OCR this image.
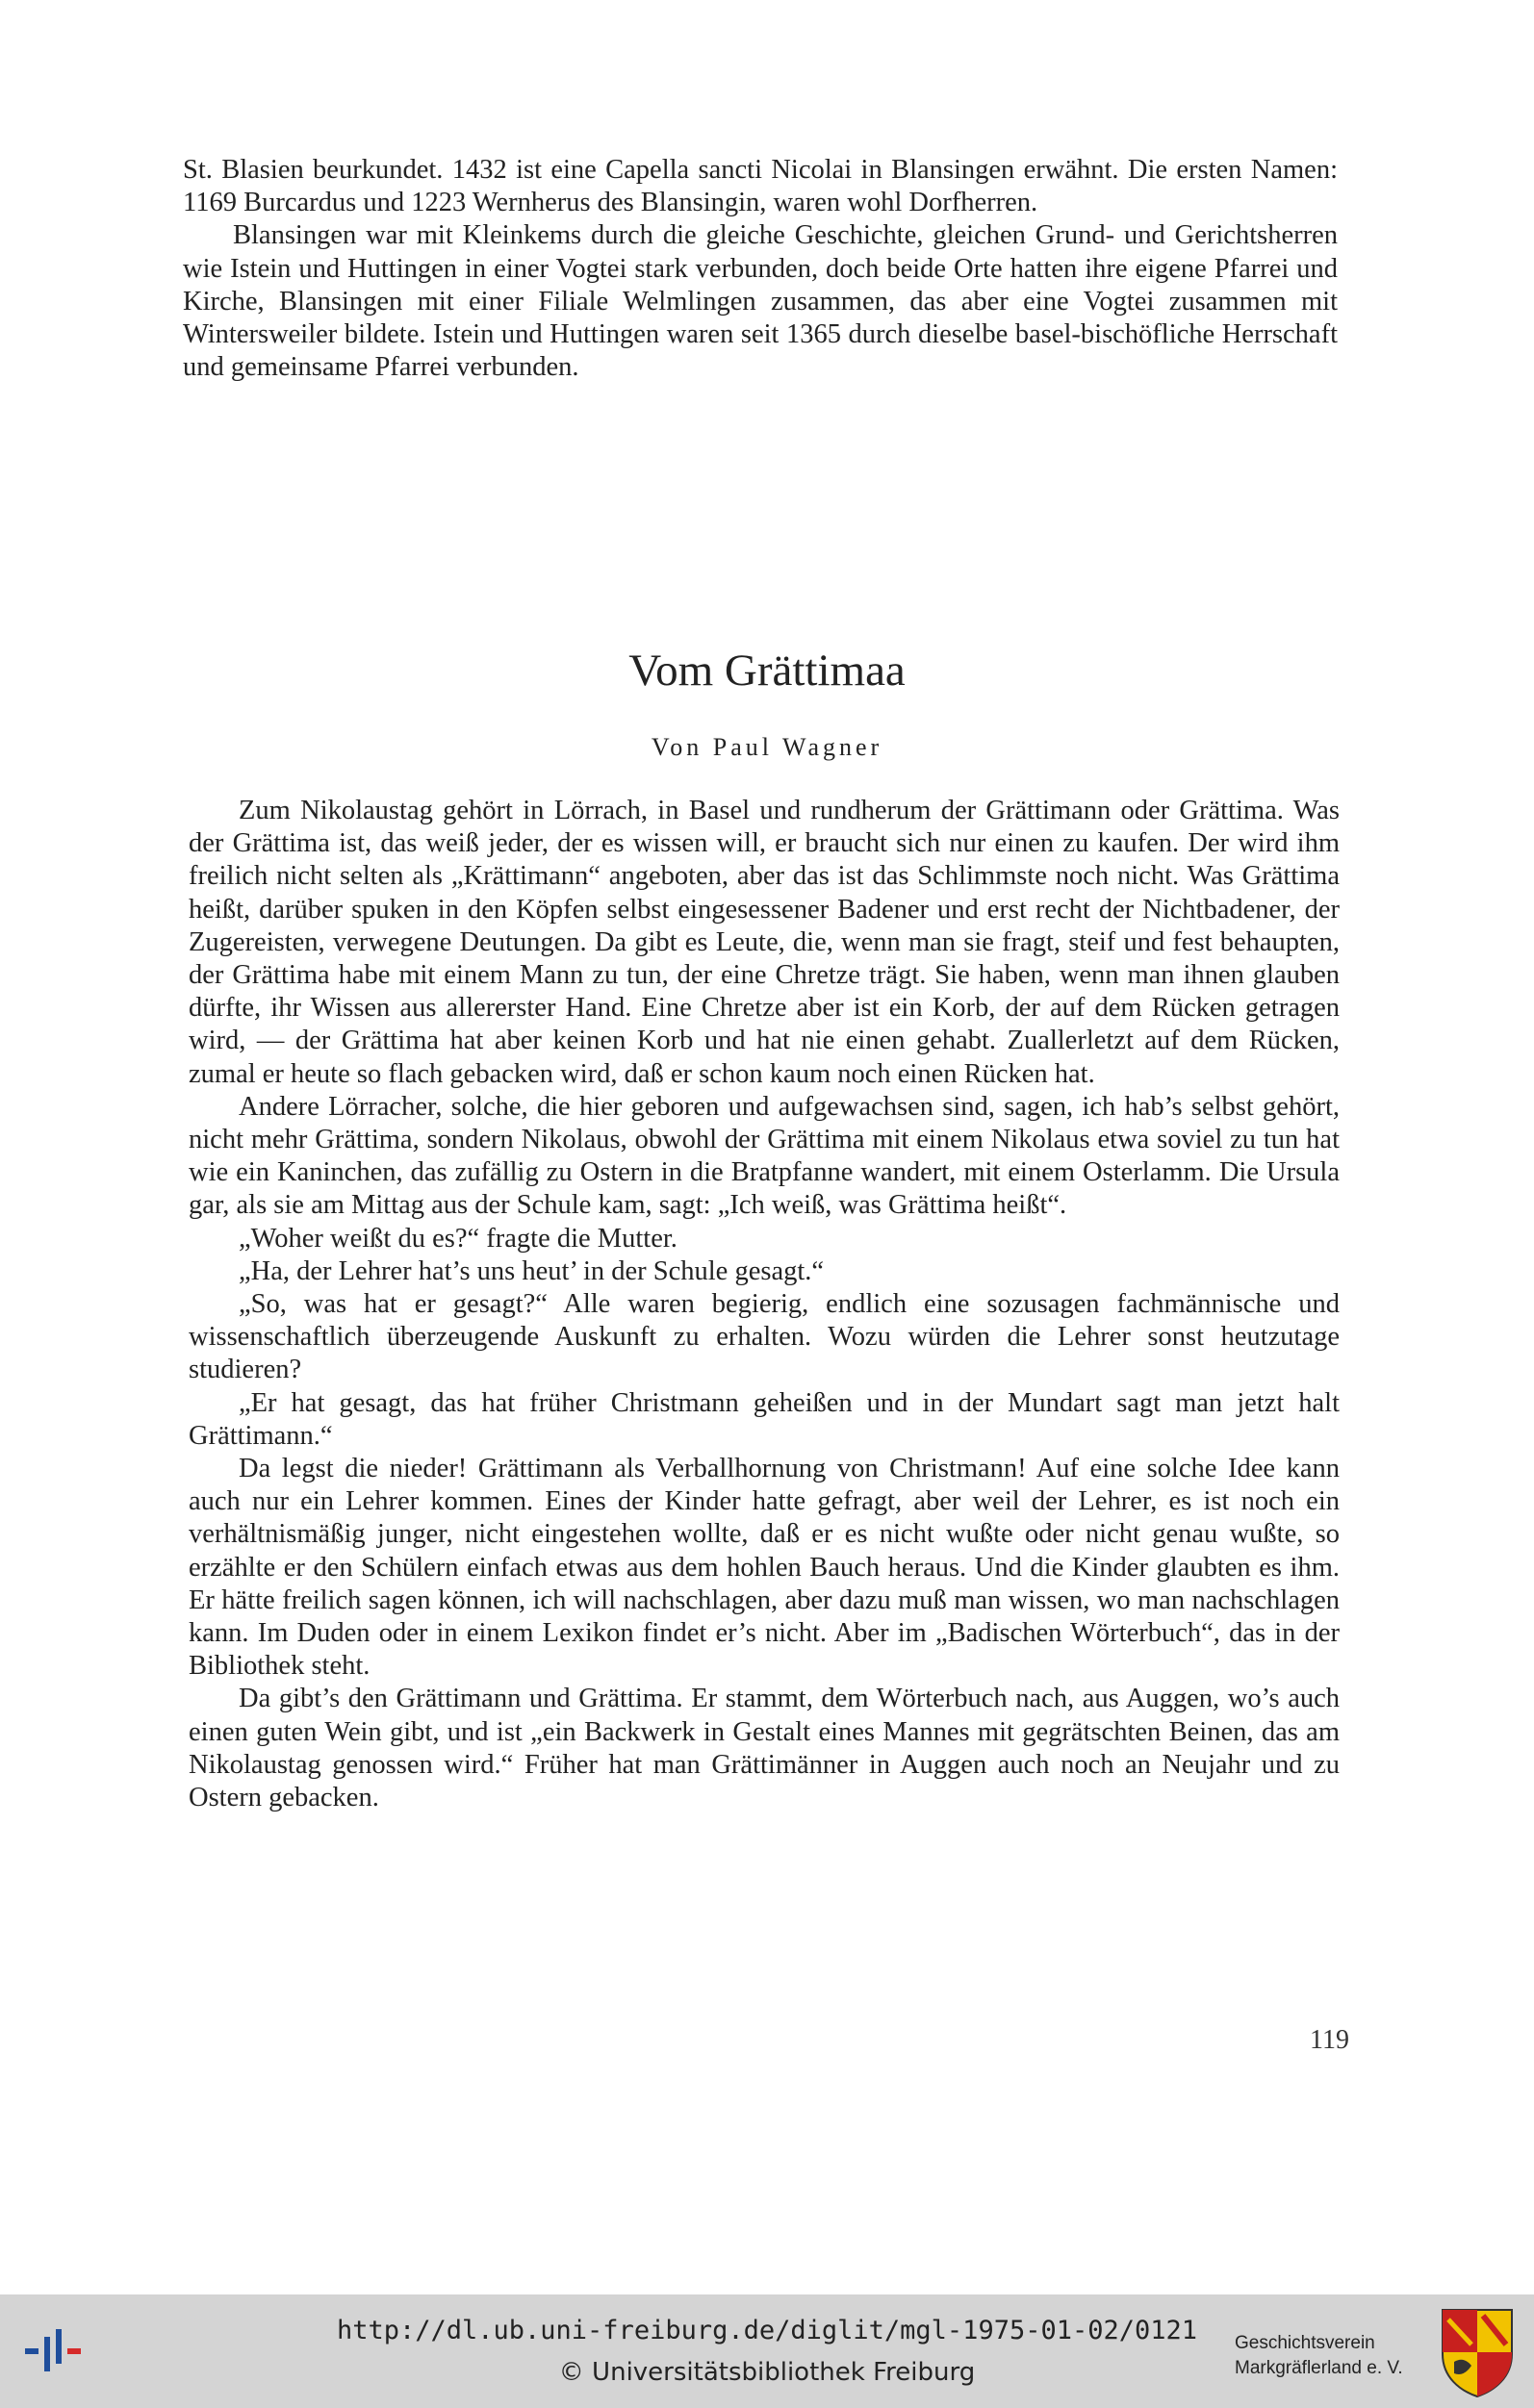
St. Blasien beurkundet. 1432 ist eine Capella sancti Nicolai in Blansingen erwähnt. Die ersten Namen: 1169 Burcardus und 1223 Wernherus des Blansingin, waren wohl Dorfherren.

Blansingen war mit Kleinkems durch die gleiche Geschichte, gleichen Grund- und Gerichtsherren wie Istein und Huttingen in einer Vogtei stark verbunden, doch beide Orte hatten ihre eigene Pfarrei und Kirche, Blansingen mit einer Filiale Welmlingen zusammen, das aber eine Vogtei zusammen mit Wintersweiler bildete. Istein und Huttingen waren seit 1365 durch dieselbe basel-bischöfliche Herrschaft und gemeinsame Pfarrei verbunden.

Vom Grättimaa
Von Paul Wagner

Zum Nikolaustag gehört in Lörrach, in Basel und rundherum der Grättimann oder Grättima. Was der Grättima ist, das weiß jeder, der es wissen will, er braucht sich nur einen zu kaufen. Der wird ihm freilich nicht selten als „Krättimann“ angeboten, aber das ist das Schlimmste noch nicht. Was Grättima heißt, darüber spuken in den Köpfen selbst eingesessener Badener und erst recht der Nichtbadener, der Zugereisten, verwegene Deutungen. Da gibt es Leute, die, wenn man sie fragt, steif und fest behaupten, der Grättima habe mit einem Mann zu tun, der eine Chretze trägt. Sie haben, wenn man ihnen glauben dürfte, ihr Wissen aus allererster Hand. Eine Chretze aber ist ein Korb, der auf dem Rücken getragen wird, — der Grättima hat aber keinen Korb und hat nie einen gehabt. Zuallerletzt auf dem Rücken, zumal er heute so flach gebacken wird, daß er schon kaum noch einen Rücken hat.

Andere Lörracher, solche, die hier geboren und aufgewachsen sind, sagen, ich hab’s selbst gehört, nicht mehr Grättima, sondern Nikolaus, obwohl der Grättima mit einem Nikolaus etwa soviel zu tun hat wie ein Kaninchen, das zufällig zu Ostern in die Bratpfanne wandert, mit einem Osterlamm. Die Ursula gar, als sie am Mittag aus der Schule kam, sagt: „Ich weiß, was Grättima heißt“.

„Woher weißt du es?“ fragte die Mutter.

„Ha, der Lehrer hat’s uns heut’ in der Schule gesagt.“

„So, was hat er gesagt?“ Alle waren begierig, endlich eine sozusagen fachmännische und wissenschaftlich überzeugende Auskunft zu erhalten. Wozu würden die Lehrer sonst heutzutage studieren?

„Er hat gesagt, das hat früher Christmann geheißen und in der Mundart sagt man jetzt halt Grättimann.“

Da legst die nieder! Grättimann als Verballhornung von Christmann! Auf eine solche Idee kann auch nur ein Lehrer kommen. Eines der Kinder hatte gefragt, aber weil der Lehrer, es ist noch ein verhältnismäßig junger, nicht eingestehen wollte, daß er es nicht wußte oder nicht genau wußte, so erzählte er den Schülern einfach etwas aus dem hohlen Bauch heraus. Und die Kinder glaubten es ihm. Er hätte freilich sagen können, ich will nachschlagen, aber dazu muß man wissen, wo man nachschlagen kann. Im Duden oder in einem Lexikon findet er’s nicht. Aber im „Badischen Wörterbuch“, das in der Bibliothek steht.

Da gibt’s den Grättimann und Grättima. Er stammt, dem Wörterbuch nach, aus Auggen, wo’s auch einen guten Wein gibt, und ist „ein Backwerk in Gestalt eines Mannes mit gegrätschten Beinen, das am Nikolaustag genossen wird.“ Früher hat man Grättimänner in Auggen auch noch an Neujahr und zu Ostern gebacken.

119
http://dl.ub.uni-freiburg.de/diglit/mgl-1975-01-02/0121
© Universitätsbibliothek Freiburg
Geschichtsverein
Markgräflerland e. V.
